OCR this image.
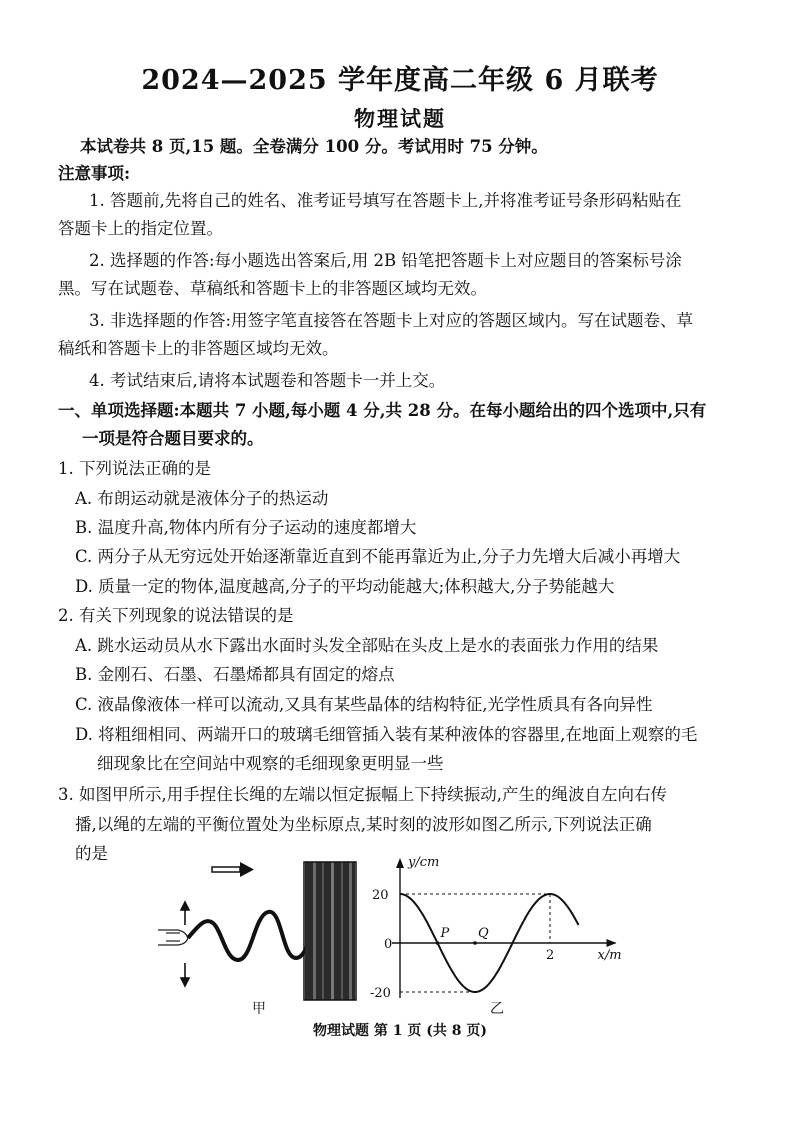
2024—2025 学年度高二年级 6 月联考
物理试题
本试卷共 8 页,15 题。全卷满分 100 分。考试用时 75 分钟。
注意事项:
1. 答题前,先将自己的姓名、准考证号填写在答题卡上,并将准考证号条形码粘贴在
答题卡上的指定位置。
2. 选择题的作答:每小题选出答案后,用 2B 铅笔把答题卡上对应题目的答案标号涂
黑。写在试题卷、草稿纸和答题卡上的非答题区域均无效。
3. 非选择题的作答:用签字笔直接答在答题卡上对应的答题区域内。写在试题卷、草
稿纸和答题卡上的非答题区域均无效。
4. 考试结束后,请将本试题卷和答题卡一并上交。
一、单项选择题:本题共 7 小题,每小题 4 分,共 28 分。在每小题给出的四个选项中,只有
一项是符合题目要求的。
1. 下列说法正确的是
A. 布朗运动就是液体分子的热运动
B. 温度升高,物体内所有分子运动的速度都增大
C. 两分子从无穷远处开始逐渐靠近直到不能再靠近为止,分子力先增大后减小再增大
D. 质量一定的物体,温度越高,分子的平均动能越大;体积越大,分子势能越大
2. 有关下列现象的说法错误的是
A. 跳水运动员从水下露出水面时头发全部贴在头皮上是水的表面张力作用的结果
B. 金刚石、石墨、石墨烯都具有固定的熔点
C. 液晶像液体一样可以流动,又具有某些晶体的结构特征,光学性质具有各向异性
D. 将粗细相同、两端开口的玻璃毛细管插入装有某种液体的容器里,在地面上观察的毛
细现象比在空间站中观察的毛细现象更明显一些
3. 如图甲所示,用手捏住长绳的左端以恒定振幅上下持续振动,产生的绳波自左向右传
播,以绳的左端的平衡位置处为坐标原点,某时刻的波形如图乙所示,下列说法正确
的是
甲
y/cm
x/m
20
0
-20
2
P Q
乙
物理试题 第 1 页 (共 8 页)
